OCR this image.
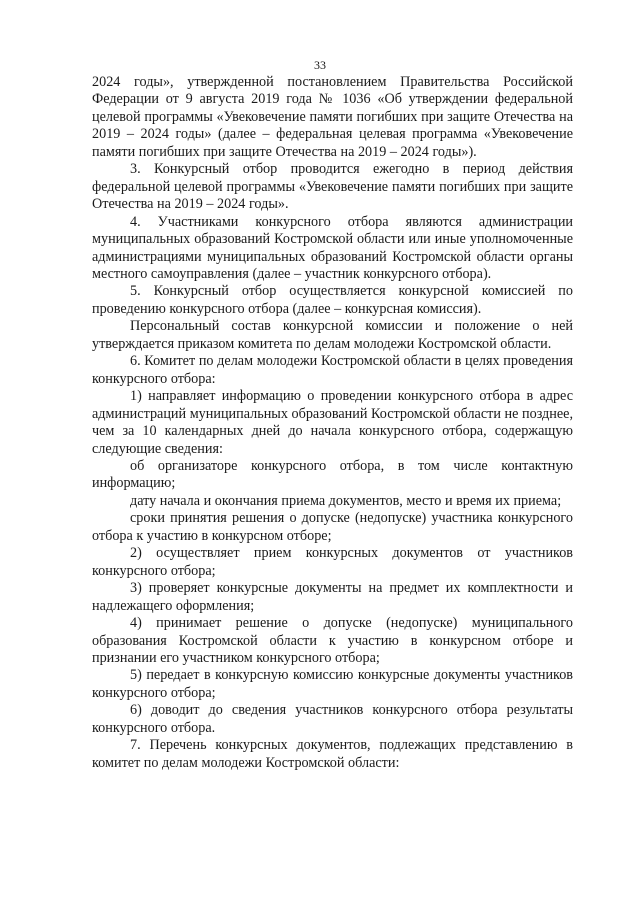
33

2024 годы», утвержденной постановлением Правительства Российской Федерации от 9 августа 2019 года № 1036 «Об утверждении федеральной целевой программы «Увековечение памяти погибших при защите Отечества на 2019 – 2024 годы» (далее – федеральная целевая программа «Увековечение памяти погибших при защите Отечества на 2019 – 2024 годы»).

3. Конкурсный отбор проводится ежегодно в период действия федеральной целевой программы «Увековечение памяти погибших при защите Отечества на 2019 – 2024 годы».

4. Участниками конкурсного отбора являются администрации муниципальных образований Костромской области или иные уполномоченные администрациями муниципальных образований Костромской области органы местного самоуправления (далее – участник конкурсного отбора).

5. Конкурсный отбор осуществляется конкурсной комиссией по проведению конкурсного отбора (далее – конкурсная комиссия).

Персональный состав конкурсной комиссии и положение о ней утверждается приказом комитета по делам молодежи Костромской области.

6. Комитет по делам молодежи Костромской области в целях проведения конкурсного отбора:

1) направляет информацию о проведении конкурсного отбора в адрес администраций муниципальных образований Костромской области не позднее, чем за 10 календарных дней до начала конкурсного отбора, содержащую следующие сведения:

об организаторе конкурсного отбора, в том числе контактную информацию;

дату начала и окончания приема документов, место и время их приема;

сроки принятия решения о допуске (недопуске) участника конкурсного отбора к участию в конкурсном отборе;

2) осуществляет прием конкурсных документов от участников конкурсного отбора;

3) проверяет конкурсные документы на предмет их комплектности и надлежащего оформления;

4) принимает решение о допуске (недопуске) муниципального образования Костромской области к участию в конкурсном отборе и признании его участником конкурсного отбора;

5) передает в конкурсную комиссию конкурсные документы участников конкурсного отбора;

6) доводит до сведения участников конкурсного отбора результаты конкурсного отбора.

7. Перечень конкурсных документов, подлежащих представлению в комитет по делам молодежи Костромской области:
